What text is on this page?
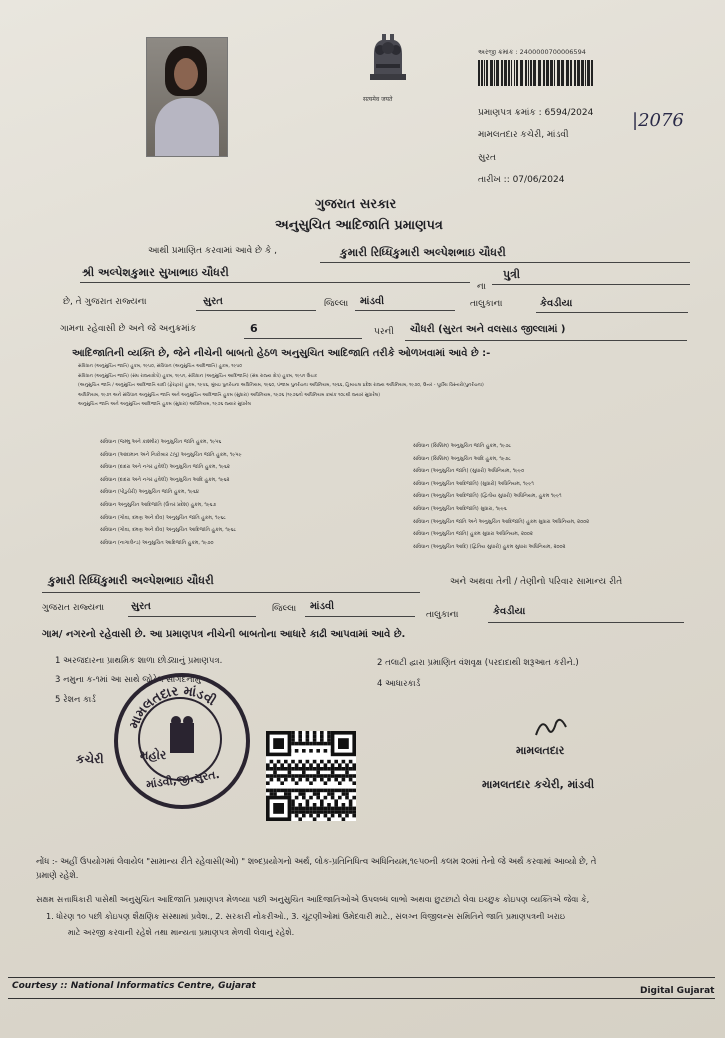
सत्यमेव जयते
અરજી ક્રમાંક : 2400000700006594
પ્રમાણપત્ર ક્રમાંક : 6594/2024 |2076
મામલતદાર કચેરી, માંડવી
સુરત
તારીખ :: 07/06/2024
ગુજરાત સરકાર
અનુસુચિત આદિજાતિ પ્રમાણપત્ર
આથી પ્રમાણિત કરવામાં આવે છે કે ,	કુમારી રિધ્ધિકુમારી અલ્પેશભાઇ ચૌધરી
શ્રી અલ્પેશકુમાર સુખાભાઇ ચૌધરી
ના
પુત્રી
છે, તે ગુજરાત રાજ્યના	સુરત	જિલ્લા માંડવી	તાલુકાના	કેવડીયા
ગામના રહેવાસી છે અને જે અનુક્રમાંક	6	પરની ચૌધરી (સુરત અને વલસાડ જીલ્લામાં )
આદિજાતિની વ્યક્તિ છે, જેને નીચેની બાબતો હેઠળ અનુસુચિત આદિજાતિ તરીકે ઓળખવામાં આવે છે :-
સંવિધાન (અનુસુચિત જાતિ) હુકમ, ૧૯૫૦, સંવિધાન (અનુસુચિત આદિજાતિ) હુકમ, ૧૯૫૦
સંવિધાન (અનુસુચિત જાતિ) (સંઘ રાજ્યક્ષેત્રો) હુકમ, ૧૯૫૧, સંવિધાન (અનુસુચિત આદિજાતિ) (સંઘ રાજ્ય ક્ષેત્ર) હુકમ, ૧૯૫૧ ઉંચક
(અનુસુચિત જાતિ / અનુસુચિત આદિજાતિ યાદી (ફેરફાર) હુકમ, ૧૯૫૬, મુંબઇ પુનર્રચના અધિનિયમ, ૧૯૬૦, પંજાબ પુનર્રચના અધિનિયમ, ૧૯૬૬, હિમાચલ પ્રદેશ રાજ્ય અધિનિયમ, ૧૯૭૦, ઉત્તર - પૂર્વીય વિસ્તારો(પુનર્રચના)
અધિનિયમ, ૧૯૭૧ અને સંવિધાન અનુસુચિત જાતિ અને અનુસુચિત આદિજાતિ હુકમ (સુધારા) અધિનિયમ, ૧૯૭૬ (૧૯૭૬નો અધિનિયમ ક્રમાંક ૧૦૮થી જ્યાર સુધારેલ)
અનુસુચિત જાતિ અને અનુસુચિત આદિજાતિ હુકમ (સુધારા) અધિનિયમ, ૧૯૭૬ જ્યાર સુધારેલ
સંવિધાન (જમ્મુ અને કાશ્મીર) અનુસુચિત જાતિ હુકમ, ૧૯૫૬
સંવિધાન (આંદામાન અને નિકોબાર ટાપુ) અનુસુચિત જાતિ હુકમ, ૧૯૫૯
સંવિધાન (દાદરા અને નગર હવેલી) અનુસુચિત જાતિ હુકમ, ૧૯૬૨
સંવિધાન (દાદરા અને નગર હવેલી) અનુસુચિત આદિ હુકમ, ૧૯૬૨
સંવિધાન (પોંડુચેરી) અનુસુચિત જાતિ હુકમ, ૧૯૬૪
સંવિધાન અનુસુચિત આદિજાતિ (ઉત્તર પ્રદેશ) હુકમ, ૧૯૬૭
સંવિધાન (ગોવા, દમણ અને દીવ) અનુસુચિત જાતિ હુકમ, ૧૯૬૮
સંવિધાન (ગોવા, દમણ અને દીવ) અનુસુચિત આદિજાતિ હુકમ, ૧૯૬૮
સંવિધાન (નાગાલેન્ડ) અનુસુચિત આદિજાતિ હુકમ, ૧૯૭૦
સંવિધાન (સિક્કિમ) અનુસુચિત જાતિ હુકમ, ૧૯૭૮
સંવિધાન (સિક્કિમ) અનુસુચિત આદિ હુકમ, ૧૯૭૮
સંવિધાન (અનુસુચિત જાતિ) (સુધારો) અધિનિયમ, ૧૯૯૦
સંવિધાન (અનુસુચિત આદિજાતિ) (સુધારો) અધિનિયમ, ૧૯૯૧
સંવિધાન (અનુસુચિત આદિજાતિ) (દ્વિતીય સુધારો) અધિનિયમ, હુકમ ૧૯૯૧
સંવિધાન (અનુસુચિત આદિજાતિ) સુધારા, ૧૯૯૬
સંવિધાન (અનુસુચિત જાતિ અને અનુસુચિત આદિજાતિ) હુકમ સુધારા અધિનિયમ, ૨૦૦૨
સંવિધાન (અનુસુચિત જાતિ) હુકમ સુધારા અધિનિયમ, ૨૦૦૨
સંવિધાન (અનુસુચિત આદિ) (દ્વિતિય સુધારો) હુકમ સુધારા અધિનિયમ, ૨૦૦૨
કુમારી રિધ્ધિકુમારી અલ્પેશભાઇ ચૌધરી	અને અથવા તેની / તેણીનો પરિવાર સામાન્ય રીતે
ગુજરાત રાજ્યના	સુરત	જિલ્લા માંડવી
તાલુકાના	કેવડીયા
ગામ/ નગરનો રહેવાસી છે. આ પ્રમાણપત્ર નીચેની બાબતોના આધારે કાઢી આપવામાં આવે છે.
1 અરજદારના પ્રાથમિક શાળા છોડ્યાનું પ્રમાણપત્ર.	2 તલાટી દ્વારા પ્રમાણિત વંશવૃક્ષ (પરદાદાથી શરૂઆત કરીને.)
3 નમુના ક-૧માં આ સાથે જોડેલ સોગંદનામું	4 આધારકાર્ડ
5 રેશન કાર્ડ
મામલતદાર માંડવી
માંડવી,જી.સુરત.
કચેરી	મહોર	મામલતદાર
મામલતદાર કચેરી, માંડવી
નોંધ :- અહીં ઉપયોગમાં લેવાયેલ "સામાન્ય રીતે રહેવાસી(ઓ) " શબ્દપ્રયોગનો અર્થ, લોક-પ્રતિનિધિત્વ અધિનિયમ,૧૯૫૦ની કલમ ૨૦માં તેનો જે અર્થ કરવામાં આવ્યો છે, તે
પ્રમાણે રહેશે.
સક્ષમ સત્તાધિકારી પાસેથી અનુસુચિત આદિજાતિ પ્રમાણપત્ર મેળવ્યા પછી અનુસુચિત આદિજાતિઓએ ઉપલબ્ધ લાભો અથવા છુટછાટો લેવા ઇચ્છુક કોઇપણ વ્યક્તિએ જેવા કે,
1. ધોરણ ૧૦ પછી કોઇપણ શૈક્ષણિક સંસ્થામાં પ્રવેશ., 2. સરકારી નોકરીઓ., 3. ચૂંટણીઓમાં ઉમેદવારી માટે., સંલગ્ન વિજીલન્સ સમિતિને જાતિ પ્રમાણપત્રની ખરાઇ
માટે અરજી કરવાની રહેશે તથા માન્યતા પ્રમાણપત્ર મેળવી લેવાનું રહેશે.
Courtesy :: National Informatics Centre, Gujarat	Digital Gujarat
